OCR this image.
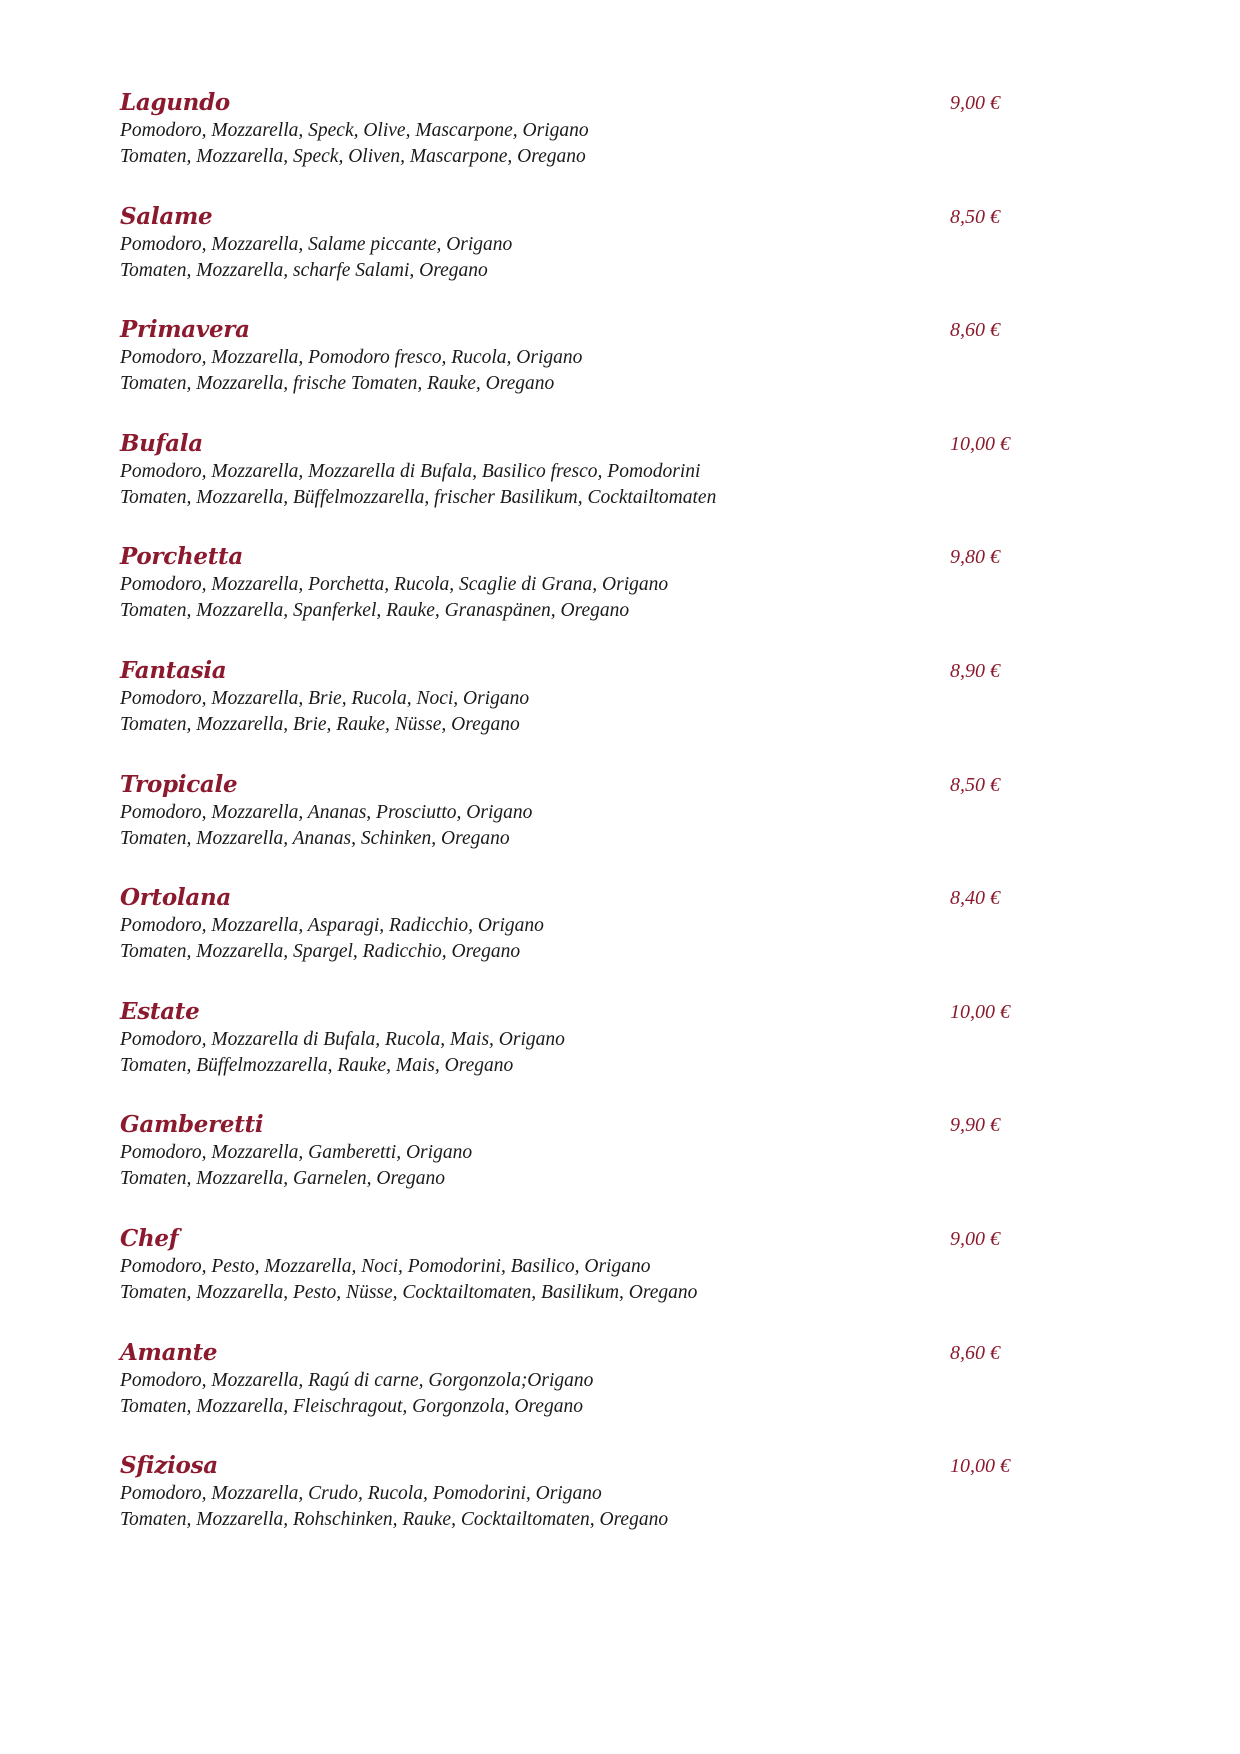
Lagundo	9,00 €
Pomodoro, Mozzarella, Speck, Olive, Mascarpone, Origano
Tomaten, Mozzarella, Speck, Oliven, Mascarpone, Oregano
Salame	8,50 €
Pomodoro, Mozzarella, Salame piccante, Origano
Tomaten, Mozzarella, scharfe Salami, Oregano
Primavera	8,60 €
Pomodoro, Mozzarella, Pomodoro fresco, Rucola, Origano
Tomaten, Mozzarella, frische Tomaten, Rauke, Oregano
Bufala	10,00 €
Pomodoro, Mozzarella, Mozzarella di Bufala, Basilico fresco, Pomodorini
Tomaten, Mozzarella, Büffelmozzarella, frischer Basilikum, Cocktailtomaten
Porchetta	9,80 €
Pomodoro, Mozzarella, Porchetta, Rucola, Scaglie di Grana, Origano
Tomaten, Mozzarella, Spanferkel, Rauke, Granaspänen, Oregano
Fantasia	8,90 €
Pomodoro, Mozzarella, Brie, Rucola, Noci, Origano
Tomaten, Mozzarella, Brie, Rauke, Nüsse, Oregano
Tropicale	8,50 €
Pomodoro, Mozzarella, Ananas, Prosciutto, Origano
Tomaten, Mozzarella, Ananas, Schinken, Oregano
Ortolana	8,40 €
Pomodoro, Mozzarella, Asparagi, Radicchio, Origano
Tomaten, Mozzarella, Spargel, Radicchio, Oregano
Estate	10,00 €
Pomodoro, Mozzarella di Bufala, Rucola, Mais, Origano
Tomaten, Büffelmozzarella, Rauke, Mais, Oregano
Gamberetti	9,90 €
Pomodoro, Mozzarella, Gamberetti, Origano
Tomaten, Mozzarella, Garnelen, Oregano
Chef	9,00 €
Pomodoro, Pesto, Mozzarella, Noci, Pomodorini, Basilico, Origano
Tomaten, Mozzarella, Pesto, Nüsse, Cocktailtomaten, Basilikum, Oregano
Amante	8,60 €
Pomodoro, Mozzarella, Ragú di carne, Gorgonzola;Origano
Tomaten, Mozzarella, Fleischragout, Gorgonzola, Oregano
Sfiziosa	10,00 €
Pomodoro, Mozzarella, Crudo, Rucola, Pomodorini, Origano
Tomaten, Mozzarella, Rohschinken, Rauke, Cocktailtomaten, Oregano
